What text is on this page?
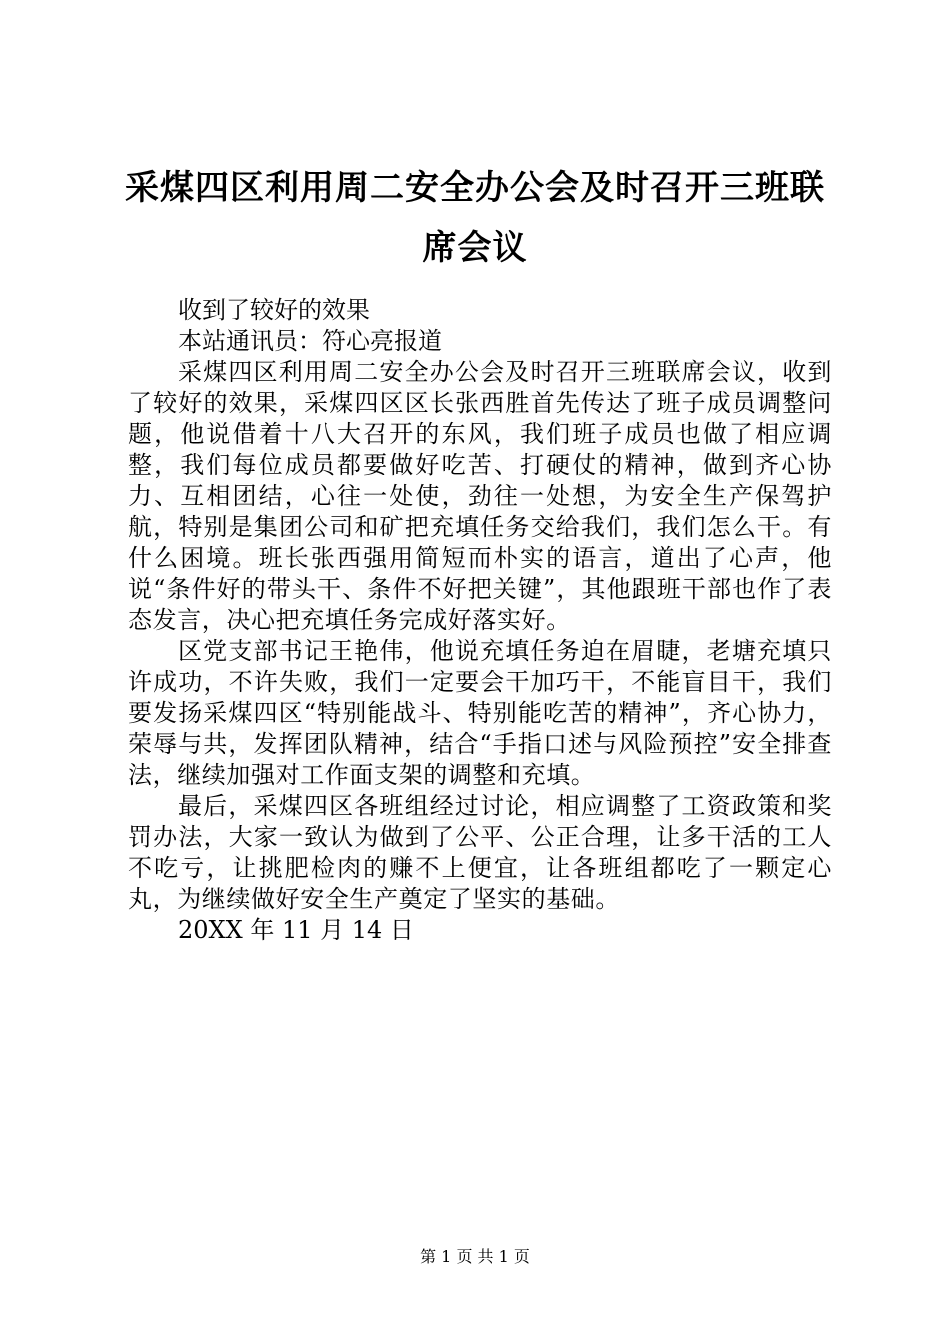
采煤四区利用周二安全办公会及时召开三班联席会议

收到了较好的效果

本站通讯员：符心亮报道

采煤四区利用周二安全办公会及时召开三班联席会议，收到了较好的效果，采煤四区区长张西胜首先传达了班子成员调整问题，他说借着十八大召开的东风，我们班子成员也做了相应调整，我们每位成员都要做好吃苦、打硬仗的精神，做到齐心协力、互相团结，心往一处使，劲往一处想，为安全生产保驾护航，特别是集团公司和矿把充填任务交给我们，我们怎么干。有什么困境。班长张西强用简短而朴实的语言，道出了心声，他说“条件好的带头干、条件不好把关键”，其他跟班干部也作了表态发言，决心把充填任务完成好落实好。

区党支部书记王艳伟，他说充填任务迫在眉睫，老塘充填只许成功，不许失败，我们一定要会干加巧干，不能盲目干，我们要发扬采煤四区“特别能战斗、特别能吃苦的精神”，齐心协力，荣辱与共，发挥团队精神，结合“手指口述与风险预控”安全排查法，继续加强对工作面支架的调整和充填。

最后，采煤四区各班组经过讨论，相应调整了工资政策和奖罚办法，大家一致认为做到了公平、公正合理，让多干活的工人不吃亏，让挑肥检肉的赚不上便宜，让各班组都吃了一颗定心丸，为继续做好安全生产奠定了坚实的基础。

20XX 年 11 月 14 日

第 1 页 共 1 页
